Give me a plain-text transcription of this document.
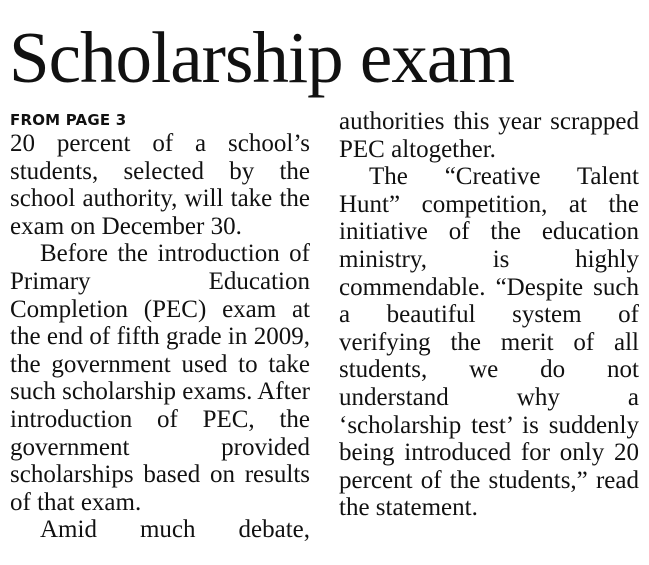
Scholarship exam
FROM PAGE 3

20 percent of a school’s students, selected by the school authority, will take the exam on December 30.

Before the introduction of Primary Education Completion (PEC) exam at the end of fifth grade in 2009, the government used to take such scholarship exams. After introduction of PEC, the government provided scholarships based on results of that exam.

Amid much debate,

authorities this year scrapped PEC altogether.

The “Creative Talent Hunt” competition, at the initiative of the education ministry, is highly commendable. “Despite such a beautiful system of verifying the merit of all students, we do not understand why a ‘scholarship test’ is suddenly being introduced for only 20 percent of the students,” read the statement.
